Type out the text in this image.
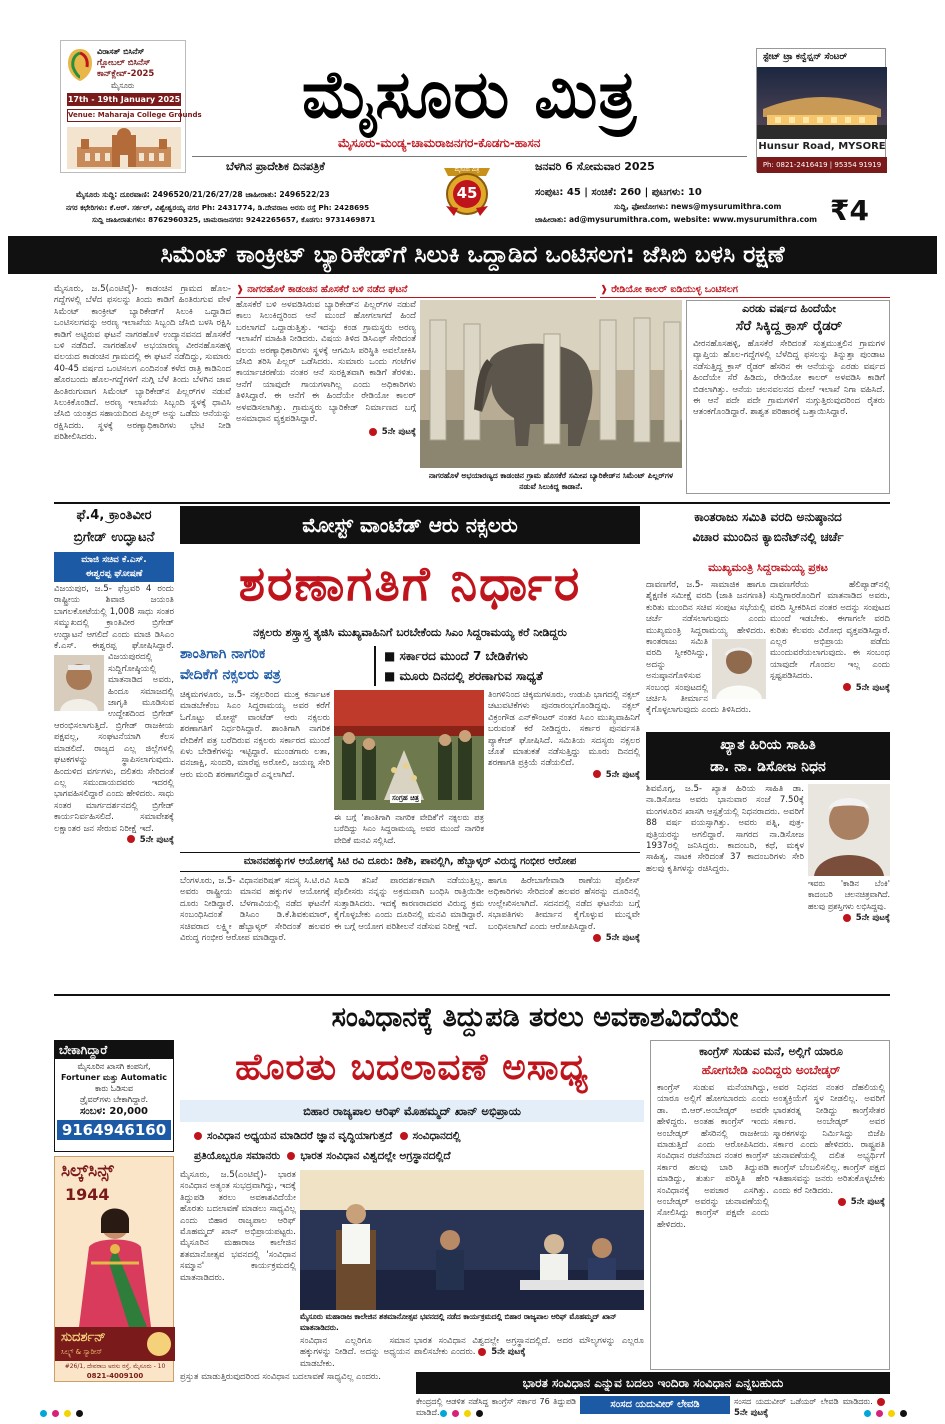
ವಿರಾಸತ್ ಬಿಸಿನೆಸ್
ಗ್ಲೋಬಲ್ ಬಿಸಿನೆಸ್
ಕಾನ್‌ಕ್ಲೇವ್-2025
ಮೈಸೂರು
17th - 19th January 2025
Venue: Maharaja College Grounds	ಮೈಸೂರು ಮಿತ್ರ
ಮೈಸೂರು-ಮಂಡ್ಯ-ಚಾಮರಾಜನಗರ-ಕೊಡಗು-ಹಾಸನ
ಸ್ಟೇಟ್‌ ಟ್ರಾ ಕನ್ವೆನ್ಷನ್ ಸೆಂಟರ್
Hunsur Road, MYSORE
Ph: 0821-2416419 | 95354 91919
ಬೆಳಗಿನ ಪ್ರಾದೇಶಿಕ ದಿನಪತ್ರಿಕೆ	ಜನವರಿ 6 ಸೋಮವಾರ 2025
ಮೈಸೂರು ಮಿತ್ರ
45
ಮೈಸೂರು ಸುದ್ದಿ: ದೂರವಾಣಿ: 2496520/21/26/27/28 ಜಾಹೀರಾತು: 2496522/23
ನಗರ ಕಛೇರಿಗಳು: ಕೆ.ಆರ್. ಸರ್ಕಲ್, ವಿಶ್ವೇಶ್ವರಯ್ಯ ನಗರ Ph: 2431774, ಡಿ.ದೇವರಾಜ ಅರಸು ರಸ್ತೆ Ph: 2428695
ಸುದ್ದಿ ಜಾಹೀರಾತುಗಳು: 8762960325, ಚಾಮರಾಜನಗರ: 9242265657, ಕೊಡಗು: 9731469871
ಸಂಪುಟ: 45 | ಸಂಚಿಕೆ: 260 | ಪುಟಗಳು: 10
ಸುದ್ದಿ, ಫೋಟೋಗಳು: news@mysurumithra.com
ಜಾಹೀರಾತು: ad@mysurumithra.com, website: www.mysurumithra.com ₹4
ಸಿಮೆಂಟ್ ಕಾಂಕ್ರೀಟ್ ಬ್ಯಾರಿಕೇಡ್‌ಗೆ ಸಿಲುಕಿ ಒದ್ದಾಡಿದ ಒಂಟಿಸಲಗ: ಜೆಸಿಬಿ ಬಳಸಿ ರಕ್ಷಣೆ
ಮೈಸೂರು, ಜ.5(ಎಂಟಿವೈ)- ಕಾಡಂಚಿನ ಗ್ರಾಮದ ಹೊಲ-ಗದ್ದೆಗಳಲ್ಲಿ ಬೆಳೆದ ಫಸಲನ್ನು ತಿಂದು ಕಾಡಿಗೆ ಹಿಂತಿರುಗುವ ವೇಳೆ ಸಿಮೆಂಟ್ ಕಾಂಕ್ರೀಟ್ ಬ್ಯಾರಿಕೇಡ್‌ಗೆ ಸಿಲುಕಿ ಒದ್ದಾಡಿದ ಒಂಟಿಸಲಗವನ್ನು ಅರಣ್ಯ ಇಲಾಖೆಯ ಸಿಬ್ಬಂದಿ ಜೆಸಿಬಿ ಬಳಸಿ ರಕ್ಷಿಸಿ ಕಾಡಿಗೆ ಅಟ್ಟಿರುವ ಘಟನೆ ನಾಗರಹೊಳೆ ಉದ್ಯಾನವನದ ಹೊಸಕೆರೆ ಬಳಿ ನಡೆದಿದೆ. ನಾಗರಹೊಳೆ ಅಭಯಾರಣ್ಯ ವೀರನಹೊಸಹಳ್ಳಿ ವಲಯದ ಕಾಡಂಚಿನ ಗ್ರಾಮದಲ್ಲಿ ಈ ಘಟನೆ ನಡೆದಿದ್ದು, ಸುಮಾರು 40-45 ವರ್ಷದ ಒಂಟಿಸಲಗ ಎಂದಿನಂತೆ ಕಳೆದ ರಾತ್ರಿ ಕಾಡಿನಿಂದ ಹೊರಬಂದು ಹೊಲ-ಗದ್ದೆಗಳಿಗೆ ನುಗ್ಗಿ ಬೆಳೆ ತಿಂದು ಬೆಳಗಿನ ಜಾವ ಹಿಂತಿರುಗುವಾಗ ಸಿಮೆಂಟ್ ಬ್ಯಾರಿಕೇಡ್‌ನ ಪಿಲ್ಲರ್‌ಗಳ ನಡುವೆ ಸಿಲುಕಿಕೊಂಡಿದೆ. ಅರಣ್ಯ ಇಲಾಖೆಯ ಸಿಬ್ಬಂದಿ ಸ್ಥಳಕ್ಕೆ ಧಾವಿಸಿ ಜೆಸಿಬಿ ಯಂತ್ರದ ಸಹಾಯದಿಂದ ಪಿಲ್ಲರ್ ಅನ್ನು ಒಡೆದು ಆನೆಯನ್ನು ರಕ್ಷಿಸಿದರು. ಸ್ಥಳಕ್ಕೆ ಅರಣ್ಯಾಧಿಕಾರಿಗಳು ಭೇಟಿ ನೀಡಿ ಪರಿಶೀಲಿಸಿದರು.
ಹೊಸಕೆರೆ ಬಳಿ ಅಳವಡಿಸಿರುವ ಬ್ಯಾರಿಕೇಡ್‌ನ ಪಿಲ್ಲರ್‌ಗಳ ನಡುವೆ ಕಾಲು ಸಿಲುಕಿದ್ದರಿಂದ ಆನೆ ಮುಂದೆ ಹೋಗಲಾಗದೆ ಹಿಂದೆ ಬರಲಾಗದೆ ಒದ್ದಾಡುತ್ತಿತ್ತು. ಇದನ್ನು ಕಂಡ ಗ್ರಾಮಸ್ಥರು ಅರಣ್ಯ ಇಲಾಖೆಗೆ ಮಾಹಿತಿ ನೀಡಿದರು. ವಿಷಯ ತಿಳಿದ ಡಿಸಿಎಫ್ ಸೇರಿದಂತೆ ವಲಯ ಅರಣ್ಯಾಧಿಕಾರಿಗಳು ಸ್ಥಳಕ್ಕೆ ಆಗಮಿಸಿ ಪರಿಸ್ಥಿತಿ ಅವಲೋಕಿಸಿ ಜೆಸಿಬಿ ತರಿಸಿ ಪಿಲ್ಲರ್ ಒಡೆಸಿದರು. ಸುಮಾರು ಒಂದು ಗಂಟೆಗಳ ಕಾರ್ಯಾಚರಣೆಯ ನಂತರ ಆನೆ ಸುರಕ್ಷಿತವಾಗಿ ಕಾಡಿಗೆ ತೆರಳಿತು. ಆನೆಗೆ ಯಾವುದೇ ಗಾಯಗಳಾಗಿಲ್ಲ ಎಂದು ಅಧಿಕಾರಿಗಳು ತಿಳಿಸಿದ್ದಾರೆ. ಈ ಆನೆಗೆ ಈ ಹಿಂದೆಯೇ ರೇಡಿಯೋ ಕಾಲರ್ ಅಳವಡಿಸಲಾಗಿತ್ತು. ಗ್ರಾಮಸ್ಥರು ಬ್ಯಾರಿಕೇಡ್ ನಿರ್ಮಾಣದ ಬಗ್ಗೆ ಅಸಮಾಧಾನ ವ್ಯಕ್ತಪಡಿಸಿದ್ದಾರೆ.
5ನೇ ಪುಟಕ್ಕೆ
❱ ನಾಗರಹೊಳೆ ಕಾಡಂಚಿನ ಹೊಸಕೆರೆ ಬಳಿ ನಡೆದ ಘಟನೆ	❱ ರೇಡಿಯೋ ಕಾಲರ್ ಐಡಿಯುಳ್ಳ ಒಂಟಿಸಲಗ
ನಾಗರಹೊಳೆ ಅಭಯಾರಣ್ಯದ ಕಾಡಂಚಿನ ಗ್ರಾಮ ಹೊಸಕೆರೆ ಸಮೀಪ ಬ್ಯಾರಿಕೇಡ್‌ನ ಸಿಮೆಂಟ್ ಪಿಲ್ಲರ್‌ಗಳ ನಡುವೆ ಸಿಲುಕಿದ್ದ ಕಾಡಾನೆ.
ಎರಡು ವರ್ಷದ ಹಿಂದೆಯೇ
ಸೆರೆ ಸಿಕ್ಕಿದ್ದ ಕ್ರಾಸ್ ರೈಡರ್
ವೀರನಹೊಸಹಳ್ಳಿ, ಹೊಸಕೆರೆ ಸೇರಿದಂತೆ ಸುತ್ತಮುತ್ತಲಿನ ಗ್ರಾಮಗಳ ವ್ಯಾಪ್ತಿಯ ಹೊಲ-ಗದ್ದೆಗಳಲ್ಲಿ ಬೆಳೆದಿದ್ದ ಫಸಲನ್ನು ತಿನ್ನುತ್ತಾ ಪುಂಡಾಟ ನಡೆಸುತ್ತಿದ್ದ ಕ್ರಾಸ್ ರೈಡರ್ ಹೆಸರಿನ ಈ ಆನೆಯನ್ನು ಎರಡು ವರ್ಷದ ಹಿಂದೆಯೇ ಸೆರೆ ಹಿಡಿದು, ರೇಡಿಯೋ ಕಾಲರ್ ಅಳವಡಿಸಿ ಕಾಡಿಗೆ ಬಿಡಲಾಗಿತ್ತು. ಆನೆಯ ಚಲನವಲನದ ಮೇಲೆ ಇಲಾಖೆ ನಿಗಾ ವಹಿಸಿದೆ. ಈ ಆನೆ ಪದೇ ಪದೇ ಗ್ರಾಮಗಳಿಗೆ ನುಗ್ಗುತ್ತಿರುವುದರಿಂದ ರೈತರು ಆತಂಕಗೊಂಡಿದ್ದಾರೆ. ಶಾಶ್ವತ ಪರಿಹಾರಕ್ಕೆ ಒತ್ತಾಯಿಸಿದ್ದಾರೆ.
ಫೆ.4, ಕ್ರಾಂತಿವೀರ
ಬ್ರಿಗೇಡ್ ಉದ್ಘಾಟನೆ
ಮಾಜಿ ಸಚಿವ ಕೆ.ಎಸ್.
ಈಶ್ವರಪ್ಪ ಘೋಷಣೆ
ವಿಜಯಪುರ, ಜ.5- ಫೆಬ್ರವರಿ 4 ರಂದು ರಾಷ್ಟ್ರೀಯ ಶಿವಾಜಿ ಜಯಂತಿ ಬಾಗಲಕೋಟೆಯಲ್ಲಿ 1,008 ಸಾಧು ಸಂತರ ಸಮ್ಮುಖದಲ್ಲಿ ಕ್ರಾಂತಿವೀರ ಬ್ರಿಗೇಡ್ ಉದ್ಘಾಟನೆ ಆಗಲಿದೆ ಎಂದು ಮಾಜಿ ಡಿಸಿಎಂ ಕೆ.ಎಸ್. ಈಶ್ವರಪ್ಪ ಘೋಷಿಸಿದ್ದಾರೆ.
ವಿಜಯಪುರದಲ್ಲಿ ಸುದ್ದಿಗೋಷ್ಠಿಯಲ್ಲಿ ಮಾತನಾಡಿದ ಅವರು, ಹಿಂದೂ ಸಮಾಜದಲ್ಲಿ ಜಾಗೃತಿ ಮೂಡಿಸುವ ಉದ್ದೇಶದಿಂದ ಬ್ರಿಗೇಡ್ ಆರಂಭಿಸಲಾಗುತ್ತಿದೆ. ಬ್ರಿಗೇಡ್ ರಾಜಕೀಯ ಪಕ್ಷವಲ್ಲ, ಸಂಘಟನೆಯಾಗಿ ಕೆಲಸ ಮಾಡಲಿದೆ. ರಾಜ್ಯದ ಎಲ್ಲ ಜಿಲ್ಲೆಗಳಲ್ಲಿ ಘಟಕಗಳನ್ನು ಸ್ಥಾಪಿಸಲಾಗುವುದು. ಹಿಂದುಳಿದ ವರ್ಗಗಳು, ದಲಿತರು ಸೇರಿದಂತೆ ಎಲ್ಲ ಸಮುದಾಯದವರು ಇದರಲ್ಲಿ ಭಾಗವಹಿಸಲಿದ್ದಾರೆ ಎಂದು ಹೇಳಿದರು. ಸಾಧು ಸಂತರ ಮಾರ್ಗದರ್ಶನದಲ್ಲಿ ಬ್ರಿಗೇಡ್ ಕಾರ್ಯನಿರ್ವಹಿಸಲಿದೆ. ಸಮಾವೇಶಕ್ಕೆ ಲಕ್ಷಾಂತರ ಜನ ಸೇರುವ ನಿರೀಕ್ಷೆ ಇದೆ.
5ನೇ ಪುಟಕ್ಕೆ
ಮೋಸ್ಟ್ ವಾಂಟೆಡ್ ಆರು ನಕ್ಸಲರು
ಶರಣಾಗತಿಗೆ ನಿರ್ಧಾರ
ನಕ್ಸಲರು ಶಸ್ತ್ರಾಸ್ತ್ರ ತ್ಯಜಿಸಿ ಮುಖ್ಯವಾಹಿನಿಗೆ ಬರಬೇಕೆಂದು ಸಿಎಂ ಸಿದ್ದರಾಮಯ್ಯ ಕರೆ ನೀಡಿದ್ದರು
ಶಾಂತಿಗಾಗಿ ನಾಗರಿಕ
ವೇದಿಕೆಗೆ ನಕ್ಸಲರು ಪತ್ರ
■ ಸರ್ಕಾರದ ಮುಂದೆ 7 ಬೇಡಿಕೆಗಳು
■ ಮೂರು ದಿನದಲ್ಲಿ ಶರಣಾಗುವ ಸಾಧ್ಯತೆ
ಚಿಕ್ಕಮಗಳೂರು, ಜ.5- ನಕ್ಸಲರಿಂದ ಮುಕ್ತ ಕರ್ನಾಟಕ ಮಾಡಬೇಕೆಂಬ ಸಿಎಂ ಸಿದ್ದರಾಮಯ್ಯ ಅವರ ಕರೆಗೆ ಓಗೊಟ್ಟು ಮೋಸ್ಟ್ ವಾಂಟೆಡ್ ಆರು ನಕ್ಸಲರು ಶರಣಾಗತಿಗೆ ನಿರ್ಧರಿಸಿದ್ದಾರೆ. ಶಾಂತಿಗಾಗಿ ನಾಗರಿಕ ವೇದಿಕೆಗೆ ಪತ್ರ ಬರೆದಿರುವ ನಕ್ಸಲರು ಸರ್ಕಾರದ ಮುಂದೆ ಏಳು ಬೇಡಿಕೆಗಳನ್ನು ಇಟ್ಟಿದ್ದಾರೆ. ಮುಂಡಗಾರು ಲತಾ, ವನಜಾಕ್ಷಿ, ಸುಂದರಿ, ಮಾರೆಪ್ಪ ಅರೋಲಿ, ಜಯಣ್ಣ ಸೇರಿ ಆರು ಮಂದಿ ಶರಣಾಗಲಿದ್ದಾರೆ ಎನ್ನಲಾಗಿದೆ.
ಸಂಗ್ರಹ ಚಿತ್ರ
ಈ ಬಗ್ಗೆ 'ಶಾಂತಿಗಾಗಿ ನಾಗರಿಕ ವೇದಿಕೆ'ಗೆ ನಕ್ಸಲರು ಪತ್ರ ಬರೆದಿದ್ದು ಸಿಎಂ ಸಿದ್ದರಾಮಯ್ಯ ಅವರ ಮುಂದೆ ನಾಗರಿಕ ವೇದಿಕೆ ಮನವಿ ಸಲ್ಲಿಸಿದೆ.
ತಿಂಗಳಿನಿಂದ ಚಿಕ್ಕಮಗಳೂರು, ಉಡುಪಿ ಭಾಗದಲ್ಲಿ ನಕ್ಸಲ್ ಚಟುವಟಿಕೆಗಳು ಪುನರಾರಂಭಗೊಂಡಿದ್ದವು. ನಕ್ಸಲ್ ವಿಕ್ರಂಗೌಡ ಎನ್‌ಕೌಂಟರ್ ನಂತರ ಸಿಎಂ ಮುಖ್ಯವಾಹಿನಿಗೆ ಬರುವಂತೆ ಕರೆ ನೀಡಿದ್ದರು. ಸರ್ಕಾರ ಪುನರ್ವಸತಿ ಪ್ಯಾಕೇಜ್ ಘೋಷಿಸಿದೆ. ಸಮಿತಿಯ ಸದಸ್ಯರು ನಕ್ಸಲರ ಜೊತೆ ಮಾತುಕತೆ ನಡೆಸುತ್ತಿದ್ದು ಮೂರು ದಿನದಲ್ಲಿ ಶರಣಾಗತಿ ಪ್ರಕ್ರಿಯೆ ನಡೆಯಲಿದೆ.
5ನೇ ಪುಟಕ್ಕೆ
ಮಾನವಹಕ್ಕುಗಳ ಆಯೋಗಕ್ಕೆ ಸಿಟಿ ರವಿ ದೂರು: ಡಿಕೆಶಿ, ಪಾವಲ್ಲಿಗಿ, ಹೆಬ್ಬಾಳ್ಕರ್ ವಿರುದ್ಧ ಗಂಭೀರ ಆರೋಪ
ಬೆಂಗಳೂರು, ಜ.5- ವಿಧಾನಪರಿಷತ್ ಸದಸ್ಯ ಸಿ.ಟಿ.ರವಿ ಅವರು ರಾಷ್ಟ್ರೀಯ ಮಾನವ ಹಕ್ಕುಗಳ ಆಯೋಗಕ್ಕೆ ದೂರು ನೀಡಿದ್ದಾರೆ. ಬೆಳಗಾವಿಯಲ್ಲಿ ನಡೆದ ಘಟನೆಗೆ ಸಂಬಂಧಿಸಿದಂತೆ ಡಿಸಿಎಂ ಡಿ.ಕೆ.ಶಿವಕುಮಾರ್, ಸಚಿವರಾದ ಲಕ್ಷ್ಮೀ ಹೆಬ್ಬಾಳ್ಕರ್ ಸೇರಿದಂತೆ ಹಲವರ ವಿರುದ್ಧ ಗಂಭೀರ ಆರೋಪ ಮಾಡಿದ್ದಾರೆ.
ಸಿಐಡಿ ತನಿಖೆ ಪಾರದರ್ಶಕವಾಗಿ ನಡೆಯುತ್ತಿಲ್ಲ. ಪೊಲೀಸರು ನನ್ನನ್ನು ಅಕ್ರಮವಾಗಿ ಬಂಧಿಸಿ ರಾತ್ರಿಯಿಡೀ ಸುತ್ತಾಡಿಸಿದರು. ಇದಕ್ಕೆ ಕಾರಣರಾದವರ ವಿರುದ್ಧ ಕ್ರಮ ಕೈಗೊಳ್ಳಬೇಕು ಎಂದು ದೂರಿನಲ್ಲಿ ಮನವಿ ಮಾಡಿದ್ದಾರೆ. ಈ ಬಗ್ಗೆ ಆಯೋಗ ಪರಿಶೀಲನೆ ನಡೆಸುವ ನಿರೀಕ್ಷೆ ಇದೆ.
ಹಾಗೂ ಹಿರೇಬಾಗೇವಾಡಿ ಠಾಣೆಯ ಪೊಲೀಸ್ ಅಧಿಕಾರಿಗಳು ಸೇರಿದಂತೆ ಹಲವರ ಹೆಸರನ್ನು ದೂರಿನಲ್ಲಿ ಉಲ್ಲೇಖಿಸಲಾಗಿದೆ. ಸದನದಲ್ಲಿ ನಡೆದ ಘಟನೆಯ ಬಗ್ಗೆ ಸಭಾಪತಿಗಳು ತೀರ್ಮಾನ ಕೈಗೊಳ್ಳುವ ಮುನ್ನವೇ ಬಂಧಿಸಲಾಗಿದೆ ಎಂದು ಆರೋಪಿಸಿದ್ದಾರೆ.
5ನೇ ಪುಟಕ್ಕೆ
ಕಾಂತರಾಜು ಸಮಿತಿ ವರದಿ ಅನುಷ್ಠಾನದ
ವಿಚಾರ ಮುಂದಿನ ಕ್ಯಾಬಿನೆಟ್‌ನಲ್ಲಿ ಚರ್ಚೆ
ಮುಖ್ಯಮಂತ್ರಿ ಸಿದ್ದರಾಮಯ್ಯ ಪ್ರಕಟ
ದಾವಣಗೆರೆ, ಜ.5- ಸಾಮಾಜಿಕ ಹಾಗೂ ಶೈಕ್ಷಣಿಕ ಸಮೀಕ್ಷೆ ವರದಿ (ಜಾತಿ ಜನಗಣತಿ) ಕುರಿತು ಮುಂದಿನ ಸಚಿವ ಸಂಪುಟ ಸಭೆಯಲ್ಲಿ ಚರ್ಚೆ ನಡೆಸಲಾಗುವುದು ಎಂದು ಮುಖ್ಯಮಂತ್ರಿ ಸಿದ್ದರಾಮಯ್ಯ ಹೇಳಿದರು.
ಕಾಂತರಾಜು ಸಮಿತಿ ವರದಿ ಸ್ವೀಕರಿಸಿದ್ದು, ಅದನ್ನು ಅನುಷ್ಠಾನಗೊಳಿಸುವ ಸಂಬಂಧ ಸಂಪುಟದಲ್ಲಿ ಚರ್ಚಿಸಿ ತೀರ್ಮಾನ ಕೈಗೊಳ್ಳಲಾಗುವುದು ಎಂದು ತಿಳಿಸಿದರು.
ದಾವಣಗೆರೆಯ ಹೆಲಿಪ್ಯಾಡ್‌ನಲ್ಲಿ ಸುದ್ದಿಗಾರರೊಂದಿಗೆ ಮಾತನಾಡಿದ ಅವರು, ವರದಿ ಸ್ವೀಕರಿಸಿದ ನಂತರ ಅದನ್ನು ಸಂಪುಟದ ಮುಂದೆ ಇಡಬೇಕು. ಈಗಾಗಲೇ ವರದಿ ಕುರಿತು ಕೆಲವರು ವಿರೋಧ ವ್ಯಕ್ತಪಡಿಸಿದ್ದಾರೆ. ಎಲ್ಲರ ಅಭಿಪ್ರಾಯ ಪಡೆದು ಮುಂದುವರೆಯಲಾಗುವುದು. ಈ ಸಂಬಂಧ ಯಾವುದೇ ಗೊಂದಲ ಇಲ್ಲ ಎಂದು ಸ್ಪಷ್ಟಪಡಿಸಿದರು.
5ನೇ ಪುಟಕ್ಕೆ
ಖ್ಯಾತ ಹಿರಿಯ ಸಾಹಿತಿ
ಡಾ. ನಾ. ಡಿಸೋಜ ನಿಧನ
ಶಿವಮೊಗ್ಗ, ಜ.5- ಖ್ಯಾತ ಹಿರಿಯ ಸಾಹಿತಿ ಡಾ. ನಾ.ಡಿಸೋಜ ಅವರು ಭಾನುವಾರ ಸಂಜೆ 7.50ಕ್ಕೆ ಮಂಗಳೂರಿನ ಖಾಸಗಿ ಆಸ್ಪತ್ರೆಯಲ್ಲಿ ನಿಧನರಾದರು. ಅವರಿಗೆ 88 ವರ್ಷ ವಯಸ್ಸಾಗಿತ್ತು. ಅವರು ಪತ್ನಿ, ಪುತ್ರ-ಪುತ್ರಿಯರನ್ನು ಅಗಲಿದ್ದಾರೆ. ಸಾಗರದ ನಾ.ಡಿಸೋಜ 1937ರಲ್ಲಿ ಜನಿಸಿದ್ದರು. ಕಾದಂಬರಿ, ಕಥೆ, ಮಕ್ಕಳ ಸಾಹಿತ್ಯ, ನಾಟಕ ಸೇರಿದಂತೆ 37 ಕಾದಂಬರಿಗಳು ಸೇರಿ ಹಲವು ಕೃತಿಗಳನ್ನು ರಚಿಸಿದ್ದರು.
ಇವರು 'ಕಾಡಿನ ಬೆಂಕಿ' ಕಾದಂಬರಿ ಚಲನಚಿತ್ರವಾಗಿದೆ. ಹಲವು ಪ್ರಶಸ್ತಿಗಳು ಲಭಿಸಿದ್ದವು.
5ನೇ ಪುಟಕ್ಕೆ
ಸಂವಿಧಾನಕ್ಕೆ ತಿದ್ದುಪಡಿ ತರಲು ಅವಕಾಶವಿದೆಯೇ
ಬೇಕಾಗಿದ್ದಾರೆ
ಮೈಸೂರಿನ ಖಾಸಗಿ ಕಂಪನಿಗೆ,
Fortuner ಮತ್ತು Automatic
ಕಾರು ಓಡಿಸುವ
ಡ್ರೈವರ್‌ಗಳು ಬೇಕಾಗಿದ್ದಾರೆ.
ಸಂಬಳ: 20,000
9164946160
ಸಿಲ್ಕ್‌ಸಿನ್ಸ್
1944
ಸುದರ್ಶನ್
ಸಿಲ್ಕ್ಸ್ & ಸ್ಯಾರೀಸ್
#26/1, ದೇವರಾಜ ಅರಸು ರಸ್ತೆ, ಮೈಸೂರು - 10
0821-4009100
ಹೊರತು ಬದಲಾವಣೆ ಅಸಾಧ್ಯ
ಬಿಹಾರ ರಾಜ್ಯಪಾಲ ಆರಿಫ್ ಮೊಹಮ್ಮದ್ ಖಾನ್ ಅಭಿಪ್ರಾಯ
ಸಂವಿಧಾನ ಅಧ್ಯಯನ ಮಾಡಿದರೆ ಜ್ಞಾನ ವೃದ್ಧಿಯಾಗುತ್ತದೆ ಸಂವಿಧಾನದಲ್ಲಿ
ಪ್ರತಿಯೊಬ್ಬರೂ ಸಮಾನರು ಭಾರತ ಸಂವಿಧಾನ ವಿಶ್ವದಲ್ಲೇ ಅಗ್ರಸ್ಥಾನದಲ್ಲಿದೆ
ಮೈಸೂರು, ಜ.5(ಎಂಟಿವೈ)- ಭಾರತ ಸಂವಿಧಾನ ಅತ್ಯಂತ ಸುಭದ್ರವಾಗಿದ್ದು, ಇದಕ್ಕೆ ತಿದ್ದುಪಡಿ ತರಲು ಅವಕಾಶವಿದೆಯೇ ಹೊರತು ಬದಲಾವಣೆ ಮಾಡಲು ಸಾಧ್ಯವಿಲ್ಲ ಎಂದು ಬಿಹಾರ ರಾಜ್ಯಪಾಲ ಆರಿಫ್ ಮೊಹಮ್ಮದ್ ಖಾನ್ ಅಭಿಪ್ರಾಯಪಟ್ಟರು. ಮೈಸೂರಿನ ಮಹಾರಾಜ ಕಾಲೇಜಿನ ಶತಮಾನೋತ್ಸವ ಭವನದಲ್ಲಿ 'ಸಂವಿಧಾನ ಸಮ್ಮಾನ' ಕಾರ್ಯಕ್ರಮದಲ್ಲಿ ಮಾತನಾಡಿದರು.
ಮೈಸೂರು ಮಹಾರಾಜ ಕಾಲೇಜಿನ ಶತಮಾನೋತ್ಸವ ಭವನದಲ್ಲಿ ನಡೆದ ಕಾರ್ಯಕ್ರಮದಲ್ಲಿ ಬಿಹಾರ ರಾಜ್ಯಪಾಲ ಆರಿಫ್ ಮೊಹಮ್ಮದ್ ಖಾನ್ ಮಾತನಾಡಿದರು.
ಸಂವಿಧಾನ ಎಲ್ಲರಿಗೂ ಸಮಾನ ಹಕ್ಕುಗಳನ್ನು ನೀಡಿದೆ. ಅದನ್ನು ಅಧ್ಯಯನ ಮಾಡಬೇಕು.
ಭಾರತ ಸಂವಿಧಾನ ವಿಶ್ವದಲ್ಲೇ ಅಗ್ರಸ್ಥಾನದಲ್ಲಿದೆ. ಅದರ ಮೌಲ್ಯಗಳನ್ನು ಎಲ್ಲರೂ ಪಾಲಿಸಬೇಕು ಎಂದರು. 5ನೇ ಪುಟಕ್ಕೆ
ಕಾಂಗ್ರೆಸ್ ಸುಡುವ ಮನೆ, ಅಲ್ಲಿಗೆ ಯಾರೂ
ಹೋಗಬೇಡಿ ಎಂದಿದ್ದರು ಅಂಬೇಡ್ಕರ್
ಕಾಂಗ್ರೆಸ್ ಸುಡುವ ಮನೆಯಾಗಿದ್ದು, ಯಾರೂ ಅಲ್ಲಿಗೆ ಹೋಗಬಾರದು ಎಂದು ಡಾ. ಬಿ.ಆರ್.ಅಂಬೇಡ್ಕರ್ ಅವರೇ ಹೇಳಿದ್ದರು. ಅಂತಹ ಕಾಂಗ್ರೆಸ್ ಇಂದು ಅಂಬೇಡ್ಕರ್ ಹೆಸರಿನಲ್ಲಿ ರಾಜಕೀಯ ಮಾಡುತ್ತಿದೆ ಎಂದು ಆರೋಪಿಸಿದರು. ಸಂವಿಧಾನ ರಚನೆಯಾದ ನಂತರ ಕಾಂಗ್ರೆಸ್ ಸರ್ಕಾರ ಹಲವು ಬಾರಿ ತಿದ್ದುಪಡಿ ಮಾಡಿದ್ದು, ತುರ್ತು ಪರಿಸ್ಥಿತಿ ಹೇರಿ ಸಂವಿಧಾನಕ್ಕೆ ಅಪಚಾರ ಎಸಗಿತ್ತು. ಅಂಬೇಡ್ಕರ್ ಅವರನ್ನು ಚುನಾವಣೆಯಲ್ಲಿ ಸೋಲಿಸಿದ್ದು ಕಾಂಗ್ರೆಸ್ ಪಕ್ಷವೇ ಎಂದು ಹೇಳಿದರು.
ಅವರ ನಿಧನದ ನಂತರ ದೆಹಲಿಯಲ್ಲಿ ಅಂತ್ಯಕ್ರಿಯೆಗೆ ಸ್ಥಳ ನೀಡಲಿಲ್ಲ. ಅವರಿಗೆ ಭಾರತರತ್ನ ನೀಡಿದ್ದು ಕಾಂಗ್ರೆಸೇತರ ಸರ್ಕಾರ. ಅಂಬೇಡ್ಕರ್ ಅವರ ಸ್ಮಾರಕಗಳನ್ನು ನಿರ್ಮಿಸಿದ್ದು ಬಿಜೆಪಿ ಸರ್ಕಾರ ಎಂದು ಹೇಳಿದರು. ರಾಷ್ಟ್ರಪತಿ ಚುನಾವಣೆಯಲ್ಲಿ ದಲಿತ ಅಭ್ಯರ್ಥಿಗೆ ಕಾಂಗ್ರೆಸ್ ಬೆಂಬಲಿಸಲಿಲ್ಲ. ಕಾಂಗ್ರೆಸ್ ಪಕ್ಷದ ಇತಿಹಾಸವನ್ನು ಜನರು ಅರಿತುಕೊಳ್ಳಬೇಕು ಎಂದು ಕರೆ ನೀಡಿದರು.
5ನೇ ಪುಟಕ್ಕೆ
ಭಾರತ ಸಂವಿಧಾನ ಎನ್ನುವ ಬದಲು ಇಂದಿರಾ ಸಂವಿಧಾನ ಎನ್ನಬಹುದು
ಪ್ರಸ್ತುತ ಮಾಡುತ್ತಿರುವುದರಿಂದ ಸಂವಿಧಾನ ಬದಲಾವಣೆ ಸಾಧ್ಯವಿಲ್ಲ ಎಂದರು.
ಕೇಂದ್ರದಲ್ಲಿ ಆಡಳಿತ ನಡೆಸಿದ್ದ ಕಾಂಗ್ರೆಸ್ ಸರ್ಕಾರ 76 ತಿದ್ದುಪಡಿ ಮಾಡಿದೆ.
ಸಂಸದ ಯದುವೀರ್ ಲೇವಡಿ	ಸಂಸದ ಯದುವೀರ್ ಒಡೆಯರ್ ಲೇವಡಿ ಮಾಡಿದರು. 5ನೇ ಪುಟಕ್ಕೆ
